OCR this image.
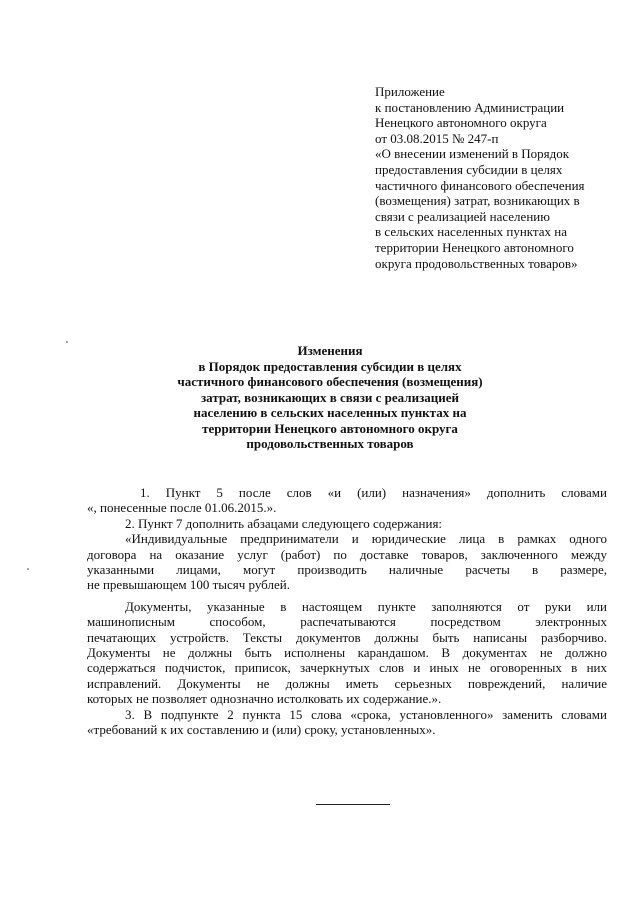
Приложение
к постановлению Администрации
Ненецкого автономного округа
от 03.08.2015 № 247-п
«О внесении изменений в Порядок
предоставления субсидии в целях
частичного финансового обеспечения
(возмещения) затрат, возникающих в
связи с реализацией населению
в сельских населенных пунктах на
территории Ненецкого автономного
округа продовольственных товаров»
Изменения
в Порядок предоставления субсидии в целях
частичного финансового обеспечения (возмещения)
затрат, возникающих в связи с реализацией
населению в сельских населенных пунктах на
территории Ненецкого автономного округа
продовольственных товаров
1. Пункт 5 после слов «и (или) назначения» дополнить словами
«, понесенные после 01.06.2015.».
2. Пункт 7 дополнить абзацами следующего содержания:
«Индивидуальные предприниматели и юридические лица в рамках одного
договора на оказание услуг (работ) по доставке товаров, заключенного между
указанными лицами, могут производить наличные расчеты в размере,
не превышающем 100 тысяч рублей.
Документы, указанные в настоящем пункте заполняются от руки или
машинописным способом, распечатываются посредством электронных
печатающих устройств. Тексты документов должны быть написаны разборчиво.
Документы не должны быть исполнены карандашом. В документах не должно
содержаться подчисток, приписок, зачеркнутых слов и иных не оговоренных в них
исправлений. Документы не должны иметь серьезных повреждений, наличие
которых не позволяет однозначно истолковать их содержание.».
3. В подпункте 2 пункта 15 слова «срока, установленного» заменить словами
«требований к их составлению и (или) сроку, установленных».
